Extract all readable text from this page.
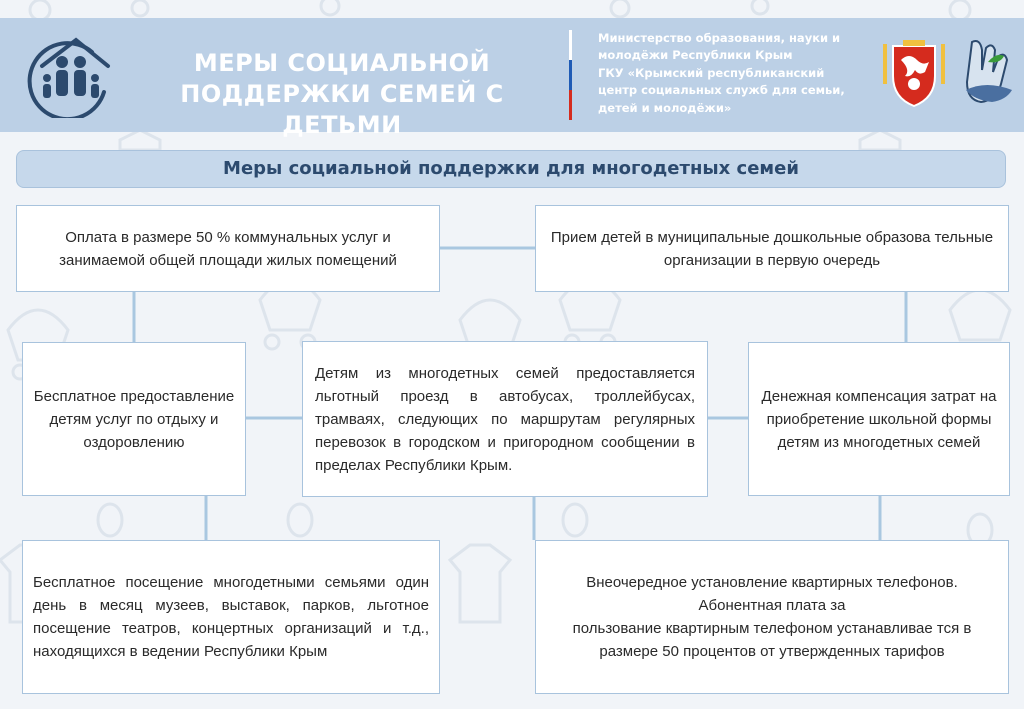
МЕРЫ СОЦИАЛЬНОЙ
ПОДДЕРЖКИ СЕМЕЙ С ДЕТЬМИ
Министерство образования, науки и
молодёжи Республики Крым
ГКУ «Крымский республиканский
центр социальных служб для семьи,
детей и молодёжи»
Меры социальной поддержки для многодетных семей
Оплата в размере 50 % коммунальных услуг и занимаемой общей площади жилых помещений
Прием детей в муниципальные дошкольные образова тельные организации в первую очередь
Бесплатное предоставление детям услуг по отдыху и оздоровлению
Детям из многодетных семей предоставляется льготный проезд в автобусах, троллейбусах, трамваях, следующих по маршрутам регулярных перевозок в городском и пригородном сообщении в пределах Республики Крым.
Денежная компенсация затрат на приобретение школьной формы детям из многодетных семей
Бесплатное посещение многодетными семьями один день в месяц музеев, выставок, парков, льготное посещение театров, концертных организаций и т.д., находящихся в ведении Республики Крым
Внеочередное установление квартирных телефонов.
Абонентная плата за
пользование квартирным телефоном устанавливае тся в размере 50 процентов от утвержденных тарифов
